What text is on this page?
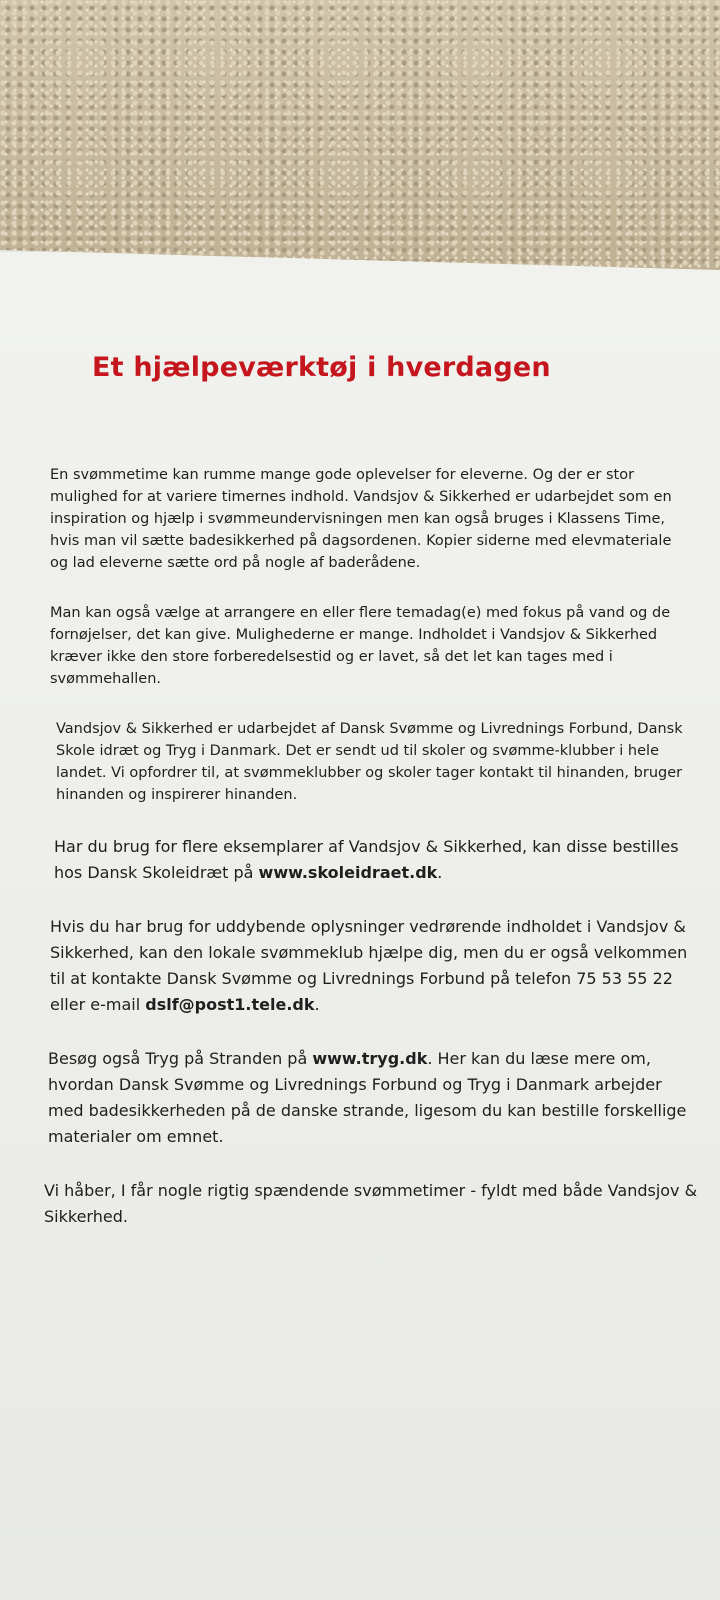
Et hjælpeværktøj i hverdagen

En svømmetime kan rumme mange gode oplevelser for eleverne. Og der er stor mulighed for at variere timernes indhold. Vandsjov & Sikkerhed er udarbejdet som en inspiration og hjælp i svømmeundervisningen men kan også bruges i Klassens Time, hvis man vil sætte badesikkerhed på dagsordenen. Kopier siderne med elevmateriale og lad eleverne sætte ord på nogle af baderådene.

Man kan også vælge at arrangere en eller flere temadag(e) med fokus på vand og de fornøjelser, det kan give. Mulighederne er mange. Indholdet i Vandsjov & Sikkerhed kræver ikke den store forberedelsestid og er lavet, så det let kan tages med i svømmehallen.

Vandsjov & Sikkerhed er udarbejdet af Dansk Svømme og Livrednings Forbund, Dansk Skole idræt og Tryg i Danmark. Det er sendt ud til skoler og svømme-klubber i hele landet. Vi opfordrer til, at svømmeklubber og skoler tager kontakt til hinanden, bruger hinanden og inspirerer hinanden.

Har du brug for flere eksemplarer af Vandsjov & Sikkerhed, kan disse bestilles hos Dansk Skoleidræt på www.skoleidraet.dk.

Hvis du har brug for uddybende oplysninger vedrørende indholdet i Vandsjov & Sikkerhed, kan den lokale svømmeklub hjælpe dig, men du er også velkommen til at kontakte Dansk Svømme og Livrednings Forbund på telefon 75 53 55 22 eller e-mail dslf@post1.tele.dk.

Besøg også Tryg på Stranden på www.tryg.dk. Her kan du læse mere om, hvordan Dansk Svømme og Livrednings Forbund og Tryg i Danmark arbejder med badesikkerheden på de danske strande, ligesom du kan bestille forskellige materialer om emnet.

Vi håber, I får nogle rigtig spændende svømmetimer - fyldt med både Vandsjov & Sikkerhed.
